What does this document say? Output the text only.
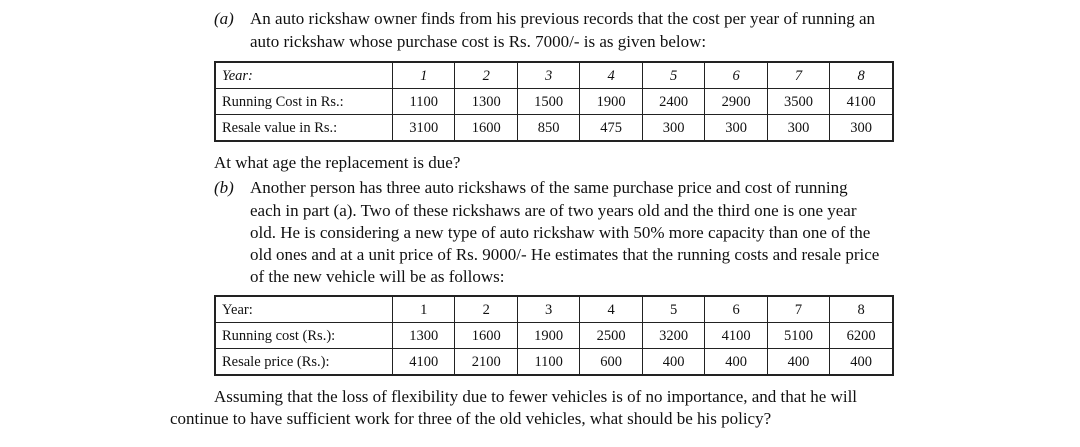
(a) An auto rickshaw owner finds from his previous records that the cost per year of running an

auto rickshaw whose purchase cost is Rs. 7000/- is as given below:

Year:	1	2	3	4	5	6	7	8
Running Cost in Rs.:	1100	1300	1500	1900	2400	2900	3500	4100
Resale value in Rs.:	3100	1600	850	475	300	300	300	300

At what age the replacement is due?

(b) Another person has three auto rickshaws of the same purchase price and cost of running

each in part (a). Two of these rickshaws are of two years old and the third one is one year

old. He is considering a new type of auto rickshaw with 50% more capacity than one of the

old ones and at a unit price of Rs. 9000/- He estimates that the running costs and resale price

of the new vehicle will be as follows:

Year:	1	2	3	4	5	6	7	8
Running cost (Rs.):	1300	1600	1900	2500	3200	4100	5100	6200
Resale price (Rs.):	4100	2100	1100	600	400	400	400	400

Assuming that the loss of flexibility due to fewer vehicles is of no importance, and that he will

continue to have sufficient work for three of the old vehicles, what should be his policy?
